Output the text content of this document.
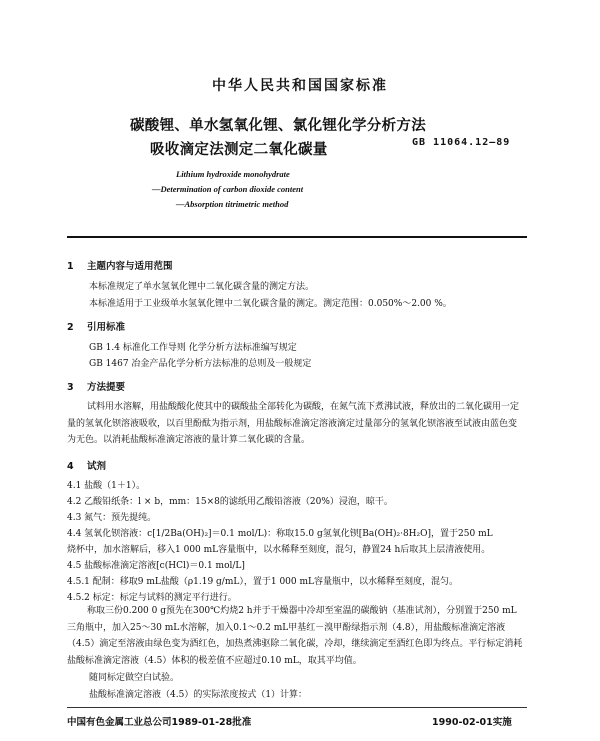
中华人民共和国国家标准
碳酸锂、单水氢氧化锂、氯化锂化学分析方法
吸收滴定法测定二氧化碳量	GB 11064.12—89
Lithium hydroxide monohydrate
—Determination of carbon dioxide content
—Absorption titrimetric method
1 主题内容与适用范围
本标准规定了单水氢氧化锂中二氧化碳含量的测定方法。
本标准适用于工业级单水氢氧化锂中二氧化碳含量的测定。测定范围：0.050%～2.00 %。
2 引用标准
GB 1.4 标准化工作导则 化学分析方法标准编写规定
GB 1467 冶金产品化学分析方法标准的总则及一般规定
3 方法提要
试料用水溶解，用盐酸酸化使其中的碳酸盐全部转化为碳酸，在氮气流下煮沸试液，释放出的二氧化碳用一定量的氢氧化钡溶液吸收，以百里酚酞为指示剂，用盐酸标准滴定溶液滴定过量部分的氢氧化钡溶液至试液由蓝色变为无色。以消耗盐酸标准滴定溶液的量计算二氧化碳的含量。
4 试剂
4.1 盐酸（1＋1）。
4.2 乙酸铅纸条：l × b，mm：15×8的滤纸用乙酸铅溶液（20%）浸泡，晾干。
4.3 氮气：预先提纯。
4.4 氢氧化钡溶液：c[1/2Ba(OH)₂]＝0.1 mol/L)：称取15.0 g氢氧化钡[Ba(OH)₂·8H₂O]，置于250 mL
烧杯中，加水溶解后，移入1 000 mL容量瓶中，以水稀释至刻度，混匀，静置24 h后取其上层清液使用。
4.5 盐酸标准滴定溶液[c(HCl)＝0.1 mol/L]
4.5.1 配制：移取9 mL盐酸（ρ1.19 g/mL），置于1 000 mL容量瓶中，以水稀释至刻度，混匀。
4.5.2 标定：标定与试料的测定平行进行。
称取三份0.200 0 g预先在300℃灼烧2 h并于干燥器中冷却至室温的碳酸钠（基准试剂），分别置于250 mL三角瓶中，加入25～30 mL水溶解，加入0.1～0.2 mL甲基红－溴甲酚绿指示剂（4.8），用盐酸标准滴定溶液（4.5）滴定至溶液由绿色变为酒红色，加热煮沸驱除二氧化碳，冷却，继续滴定至酒红色即为终点。平行标定消耗盐酸标准滴定溶液（4.5）体积的极差值不应超过0.10 mL，取其平均值。
随同标定做空白试验。
盐酸标准滴定溶液（4.5）的实际浓度按式（1）计算：
中国有色金属工业总公司1989-01-28批准	1990-02-01实施
